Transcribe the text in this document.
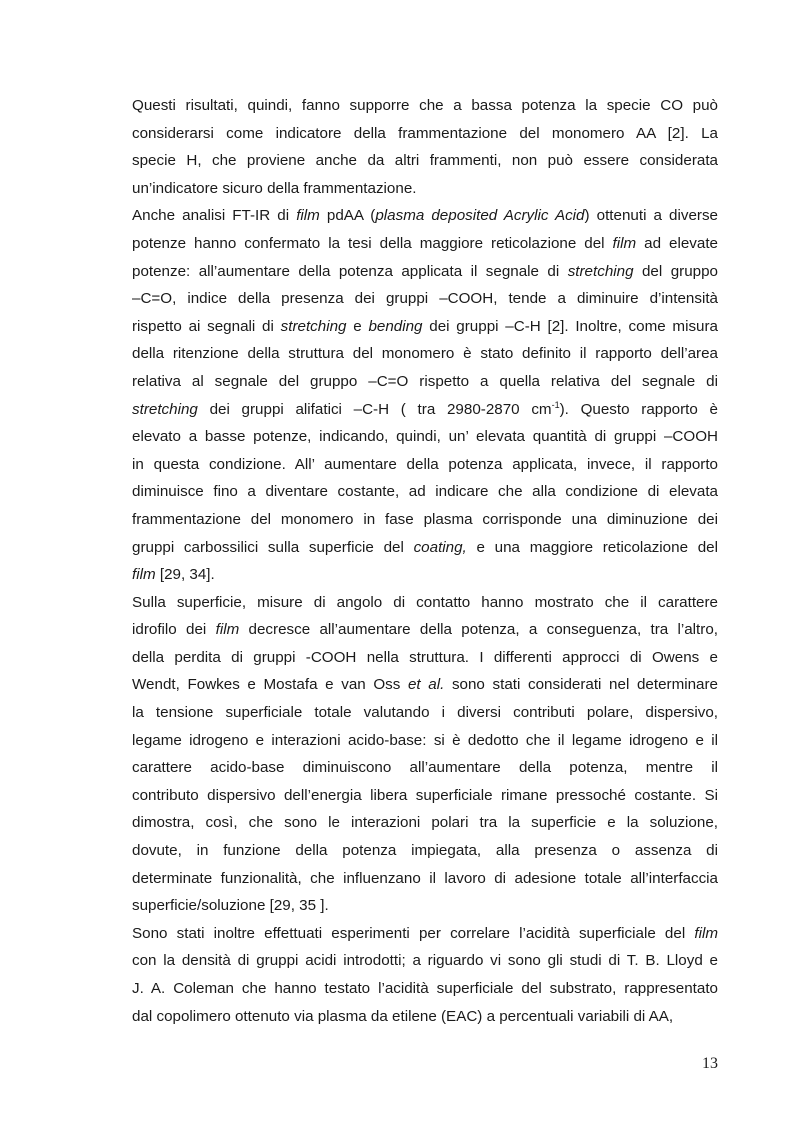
Questi risultati, quindi, fanno supporre che a bassa potenza la specie CO può
considerarsi come indicatore della frammentazione del monomero AA [2]. La
specie H, che proviene anche da altri frammenti, non può essere considerata
un’indicatore sicuro della frammentazione.
Anche analisi FT-IR di film pdAA (plasma deposited Acrylic Acid) ottenuti a diverse
potenze hanno confermato la tesi della maggiore reticolazione del film ad elevate
potenze: all’aumentare della potenza applicata il segnale di stretching del gruppo
–C=O, indice della presenza dei gruppi –COOH, tende a diminuire d’intensità
rispetto ai segnali di stretching e bending dei gruppi –C-H [2]. Inoltre, come misura
della ritenzione della struttura del monomero è stato definito il rapporto dell’area
relativa al segnale del gruppo –C=O rispetto a quella relativa del segnale di
stretching dei gruppi alifatici –C-H ( tra 2980-2870 $cm^{-1}$). Questo rapporto è
elevato a basse potenze, indicando, quindi, un’ elevata quantità di gruppi –COOH
in questa condizione. All’ aumentare della potenza applicata, invece, il rapporto
diminuisce fino a diventare costante, ad indicare che alla condizione di elevata
frammentazione del monomero in fase plasma corrisponde una diminuzione dei
gruppi carbossilici sulla superficie del coating, e una maggiore reticolazione del
film [29, 34].
Sulla superficie, misure di angolo di contatto hanno mostrato che il carattere
idrofilo dei film decresce all’aumentare della potenza, a conseguenza, tra l’altro,
della perdita di gruppi -COOH nella struttura. I differenti approcci di Owens e
Wendt, Fowkes e Mostafa e van Oss et al. sono stati considerati nel determinare
la tensione superficiale totale valutando i diversi contributi polare, dispersivo,
legame idrogeno e interazioni acido-base: si è dedotto che il legame idrogeno e il
carattere acido-base diminuiscono all’aumentare della potenza, mentre il
contributo dispersivo dell’energia libera superficiale rimane pressoché costante. Si
dimostra, così, che sono le interazioni polari tra la superficie e la soluzione,
dovute, in funzione della potenza impiegata, alla presenza o assenza di
determinate funzionalità, che influenzano il lavoro di adesione totale all’interfaccia
superficie/soluzione [29, 35 ].
Sono stati inoltre effettuati esperimenti per correlare l’acidità superficiale del film
con la densità di gruppi acidi introdotti; a riguardo vi sono gli studi di T. B. Lloyd e
J. A. Coleman che hanno testato l’acidità superficiale del substrato, rappresentato
dal copolimero ottenuto via plasma da etilene (EAC) a percentuali variabili di AA,
13
